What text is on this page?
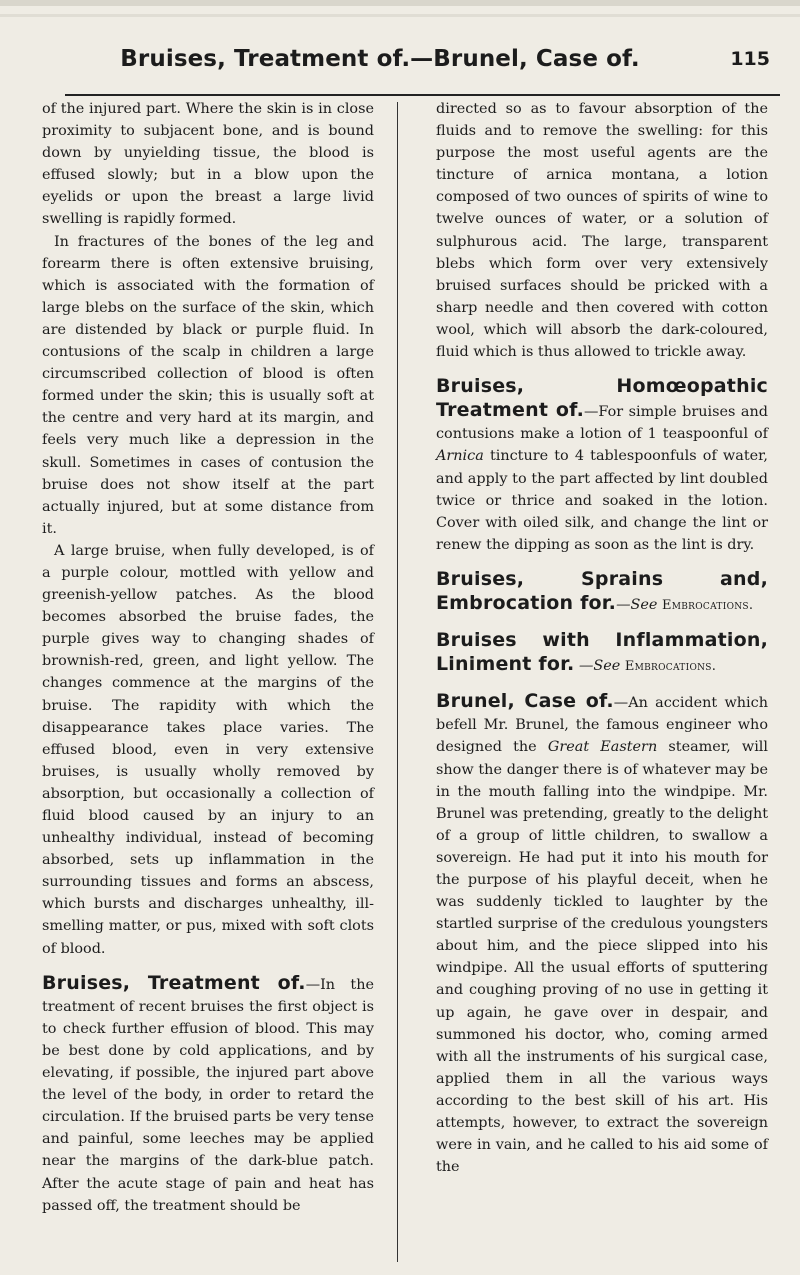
Bruises, Treatment of.—Brunel, Case of.	115

of the injured part. Where the skin is in close proximity to subjacent bone, and is bound down by unyielding tissue, the blood is effused slowly; but in a blow upon the eyelids or upon the breast a large livid swelling is rapidly formed.

In fractures of the bones of the leg and forearm there is often extensive bruising, which is associated with the formation of large blebs on the surface of the skin, which are distended by black or purple fluid. In contusions of the scalp in children a large circumscribed collection of blood is often formed under the skin; this is usually soft at the centre and very hard at its margin, and feels very much like a depression in the skull. Sometimes in cases of contusion the bruise does not show itself at the part actually injured, but at some distance from it.

A large bruise, when fully developed, is of a purple colour, mottled with yellow and greenish-yellow patches. As the blood becomes absorbed the bruise fades, the purple gives way to changing shades of brownish-red, green, and light yellow. The changes commence at the margins of the bruise. The rapidity with which the disappearance takes place varies. The effused blood, even in very extensive bruises, is usually wholly removed by absorption, but occasionally a collection of fluid blood caused by an injury to an unhealthy individual, instead of becoming absorbed, sets up inflammation in the surrounding tissues and forms an abscess, which bursts and discharges unhealthy, ill-smelling matter, or pus, mixed with soft clots of blood.

Bruises, Treatment of.—In the treatment of recent bruises the first object is to check further effusion of blood. This may be best done by cold applications, and by elevating, if possible, the injured part above the level of the body, in order to retard the circulation. If the bruised parts be very tense and painful, some leeches may be applied near the margins of the dark-blue patch. After the acute stage of pain and heat has passed off, the treatment should be

directed so as to favour absorption of the fluids and to remove the swelling: for this purpose the most useful agents are the tincture of arnica montana, a lotion composed of two ounces of spirits of wine to twelve ounces of water, or a solution of sulphurous acid. The large, transparent blebs which form over very extensively bruised surfaces should be pricked with a sharp needle and then covered with cotton wool, which will absorb the dark-coloured, fluid which is thus allowed to trickle away.

Bruises, Homœopathic Treatment of.—For simple bruises and contusions make a lotion of 1 teaspoonful of Arnica tincture to 4 tablespoonfuls of water, and apply to the part affected by lint doubled twice or thrice and soaked in the lotion. Cover with oiled silk, and change the lint or renew the dipping as soon as the lint is dry.

Bruises, Sprains and, Embrocation for.—See Embrocations.

Bruises with Inflammation, Liniment for. —See Embrocations.

Brunel, Case of.—An accident which befell Mr. Brunel, the famous engineer who designed the Great Eastern steamer, will show the danger there is of whatever may be in the mouth falling into the windpipe. Mr. Brunel was pretending, greatly to the delight of a group of little children, to swallow a sovereign. He had put it into his mouth for the purpose of his playful deceit, when he was suddenly tickled to laughter by the startled surprise of the credulous youngsters about him, and the piece slipped into his windpipe. All the usual efforts of sputtering and coughing proving of no use in getting it up again, he gave over in despair, and summoned his doctor, who, coming armed with all the instruments of his surgical case, applied them in all the various ways according to the best skill of his art. His attempts, however, to extract the sovereign were in vain, and he called to his aid some of the
